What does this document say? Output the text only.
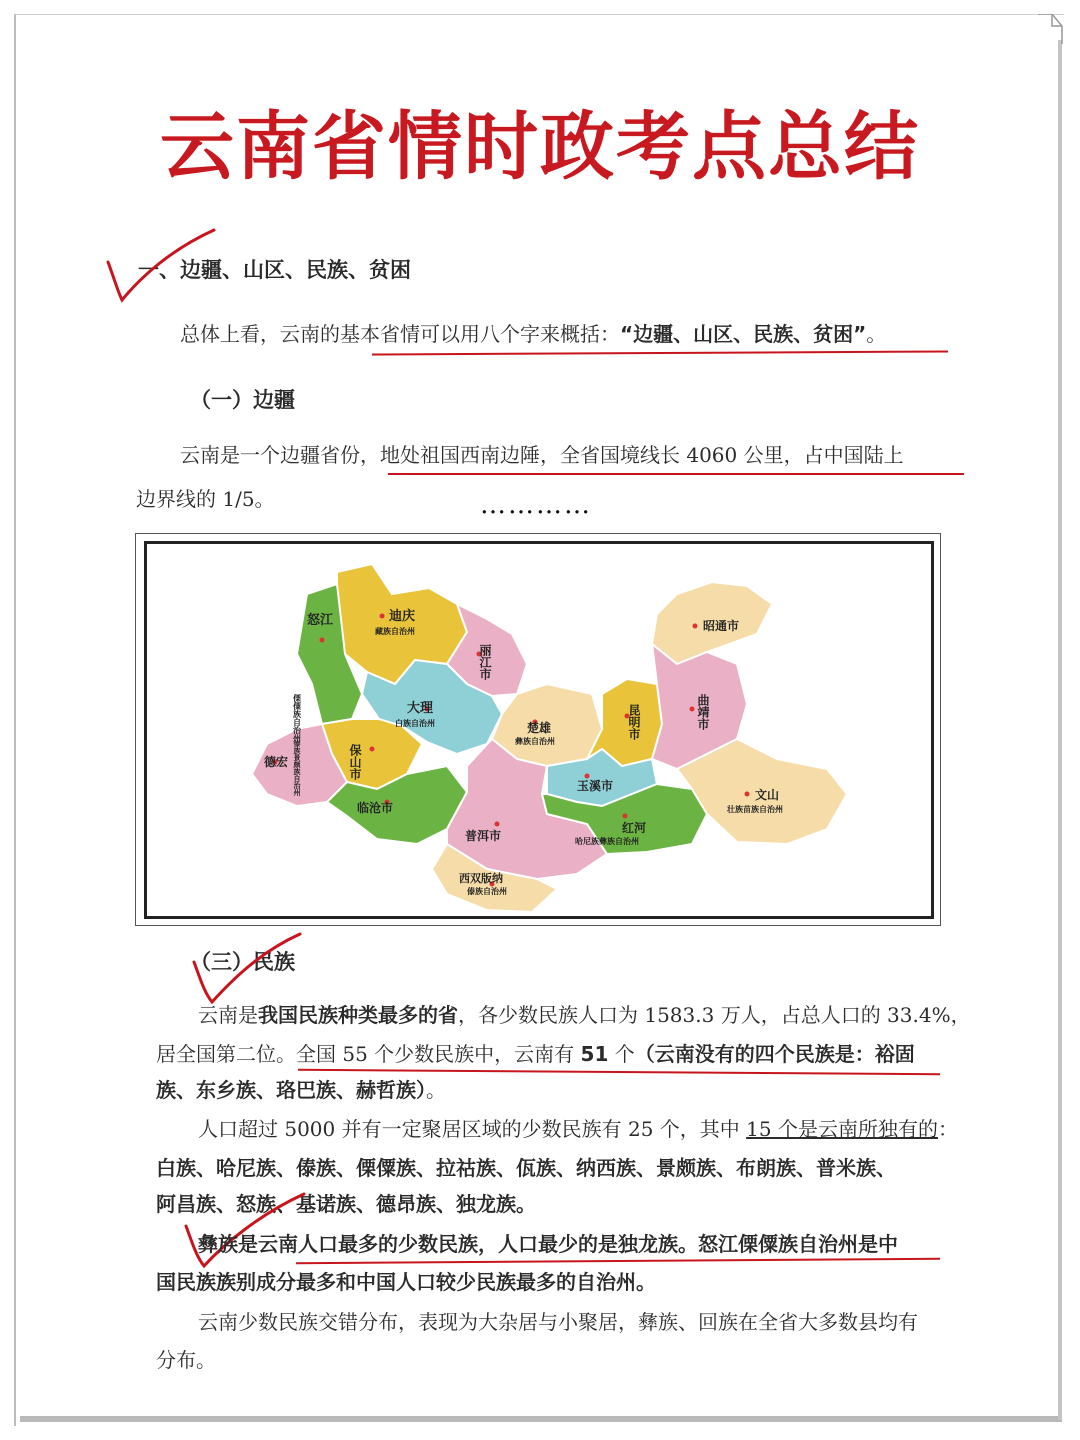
云南省情时政考点总结
一、边疆、山区、民族、贫困
总体上看，云南的基本省情可以用八个字来概括：“边疆、山区、民族、贫困”。
（一）边疆
云南是一个边疆省份，地处祖国西南边陲，全省国境线长 4060 公里，占中国陆上
边界线的 1/5。	…………
迪庆
藏族自治州
怒江
傈僳族自治州
丽江市
昭通市
大理
白族自治州	楚雄
彝族自治州
昆明市	曲靖市
保山市
德宏 傣族景颇族自治州
临沧市
玉溪市
红河
哈尼族彝族自治州
文山
壮族苗族自治州
普洱市
西双版纳
傣族自治州
（三）民族
云南是我国民族种类最多的省，各少数民族人口为 1583.3 万人，占总人口的 33.4%，
居全国第二位。全国 55 个少数民族中，云南有 51 个（云南没有的四个民族是：裕固
族、东乡族、珞巴族、赫哲族）。
人口超过 5000 并有一定聚居区域的少数民族有 25 个，其中 15 个是云南所独有的：
白族、哈尼族、傣族、傈僳族、拉祜族、佤族、纳西族、景颇族、布朗族、普米族、
阿昌族、怒族、基诺族、德昂族、独龙族。
彝族是云南人口最多的少数民族，人口最少的是独龙族。怒江傈僳族自治州是中
国民族族别成分最多和中国人口较少民族最多的自治州。
云南少数民族交错分布，表现为大杂居与小聚居，彝族、回族在全省大多数县均有
分布。
